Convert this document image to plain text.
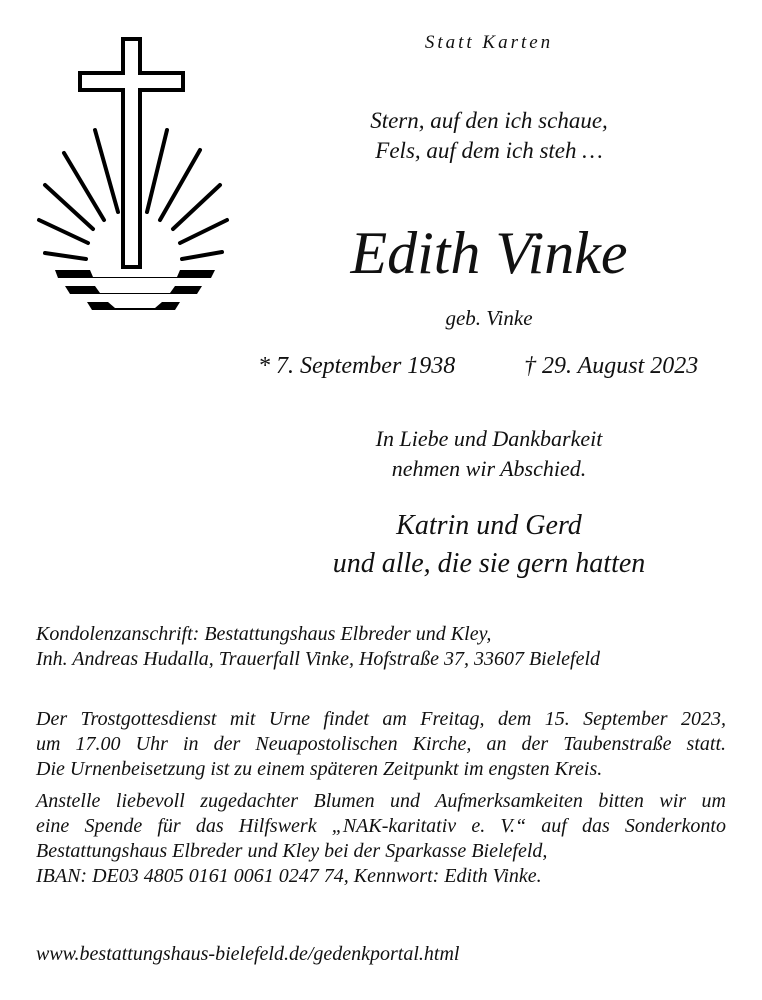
Statt Karten
Stern, auf den ich schaue,
Fels, auf dem ich steh …
Edith Vinke
geb. Vinke
* 7. September 1938	† 29. August 2023
In Liebe und Dankbarkeit
nehmen wir Abschied.
Katrin und Gerd
und alle, die sie gern hatten
Kondolenzanschrift: Bestattungshaus Elbreder und Kley,
Inh. Andreas Hudalla, Trauerfall Vinke, Hofstraße 37, 33607 Bielefeld
Der Trostgottesdienst mit Urne findet am Freitag, dem 15. September 2023,
um 17.00 Uhr in der Neuapostolischen Kirche, an der Taubenstraße statt.
Die Urnenbeisetzung ist zu einem späteren Zeitpunkt im engsten Kreis.
Anstelle liebevoll zugedachter Blumen und Aufmerksamkeiten bitten wir um
eine Spende für das Hilfswerk „NAK-karitativ e. V.“ auf das Sonderkonto
Bestattungshaus Elbreder und Kley bei der Sparkasse Bielefeld,
IBAN: DE03 4805 0161 0061 0247 74, Kennwort: Edith Vinke.
www.bestattungshaus-bielefeld.de/gedenkportal.html
